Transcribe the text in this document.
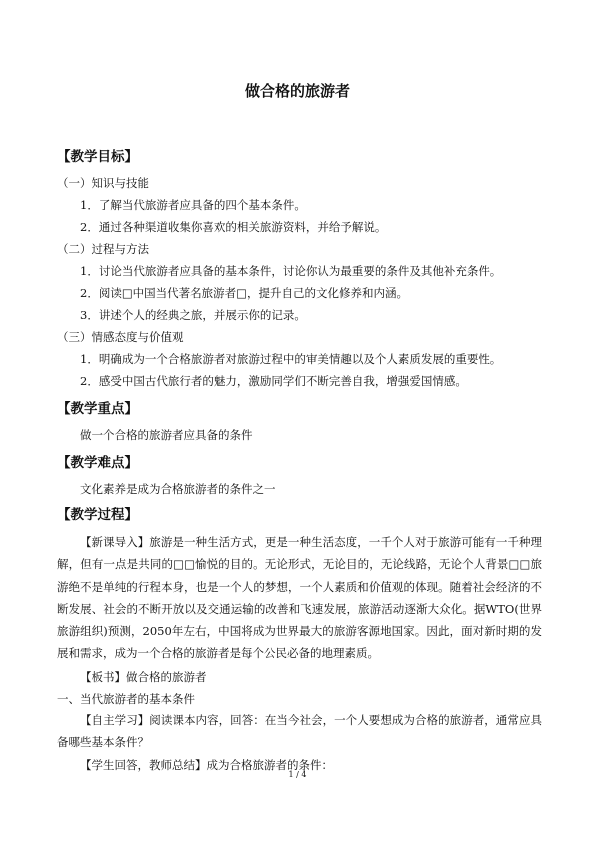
做合格的旅游者
【教学目标】
（一）知识与技能
1．了解当代旅游者应具备的四个基本条件。
2．通过各种渠道收集你喜欢的相关旅游资料，并给予解说。
（二）过程与方法
1．讨论当代旅游者应具备的基本条件，讨论你认为最重要的条件及其他补充条件。
2．阅读□中国当代著名旅游者□，提升自己的文化修养和内涵。
3．讲述个人的经典之旅，并展示你的记录。
（三）情感态度与价值观
1．明确成为一个合格旅游者对旅游过程中的审美情趣以及个人素质发展的重要性。
2．感受中国古代旅行者的魅力，激励同学们不断完善自我，增强爱国情感。
【教学重点】
做一个合格的旅游者应具备的条件
【教学难点】
文化素养是成为合格旅游者的条件之一
【教学过程】
【新课导入】旅游是一种生活方式，更是一种生活态度，一千个人对于旅游可能有一千种理解，但有一点是共同的□□愉悦的目的。无论形式，无论目的，无论线路，无论个人背景□□旅游绝不是单纯的行程本身，也是一个人的梦想，一个人素质和价值观的体现。随着社会经济的不断发展、社会的不断开放以及交通运输的改善和飞速发展，旅游活动逐渐大众化。据WTO(世界旅游组织)预测，2050年左右，中国将成为世界最大的旅游客源地国家。因此，面对新时期的发展和需求，成为一个合格的旅游者是每个公民必备的地理素质。
【板书】做合格的旅游者
一、当代旅游者的基本条件
【自主学习】阅读课本内容，回答：在当今社会，一个人要想成为合格的旅游者，通常应具备哪些基本条件？
【学生回答，教师总结】成为合格旅游者的条件：
1 / 4
